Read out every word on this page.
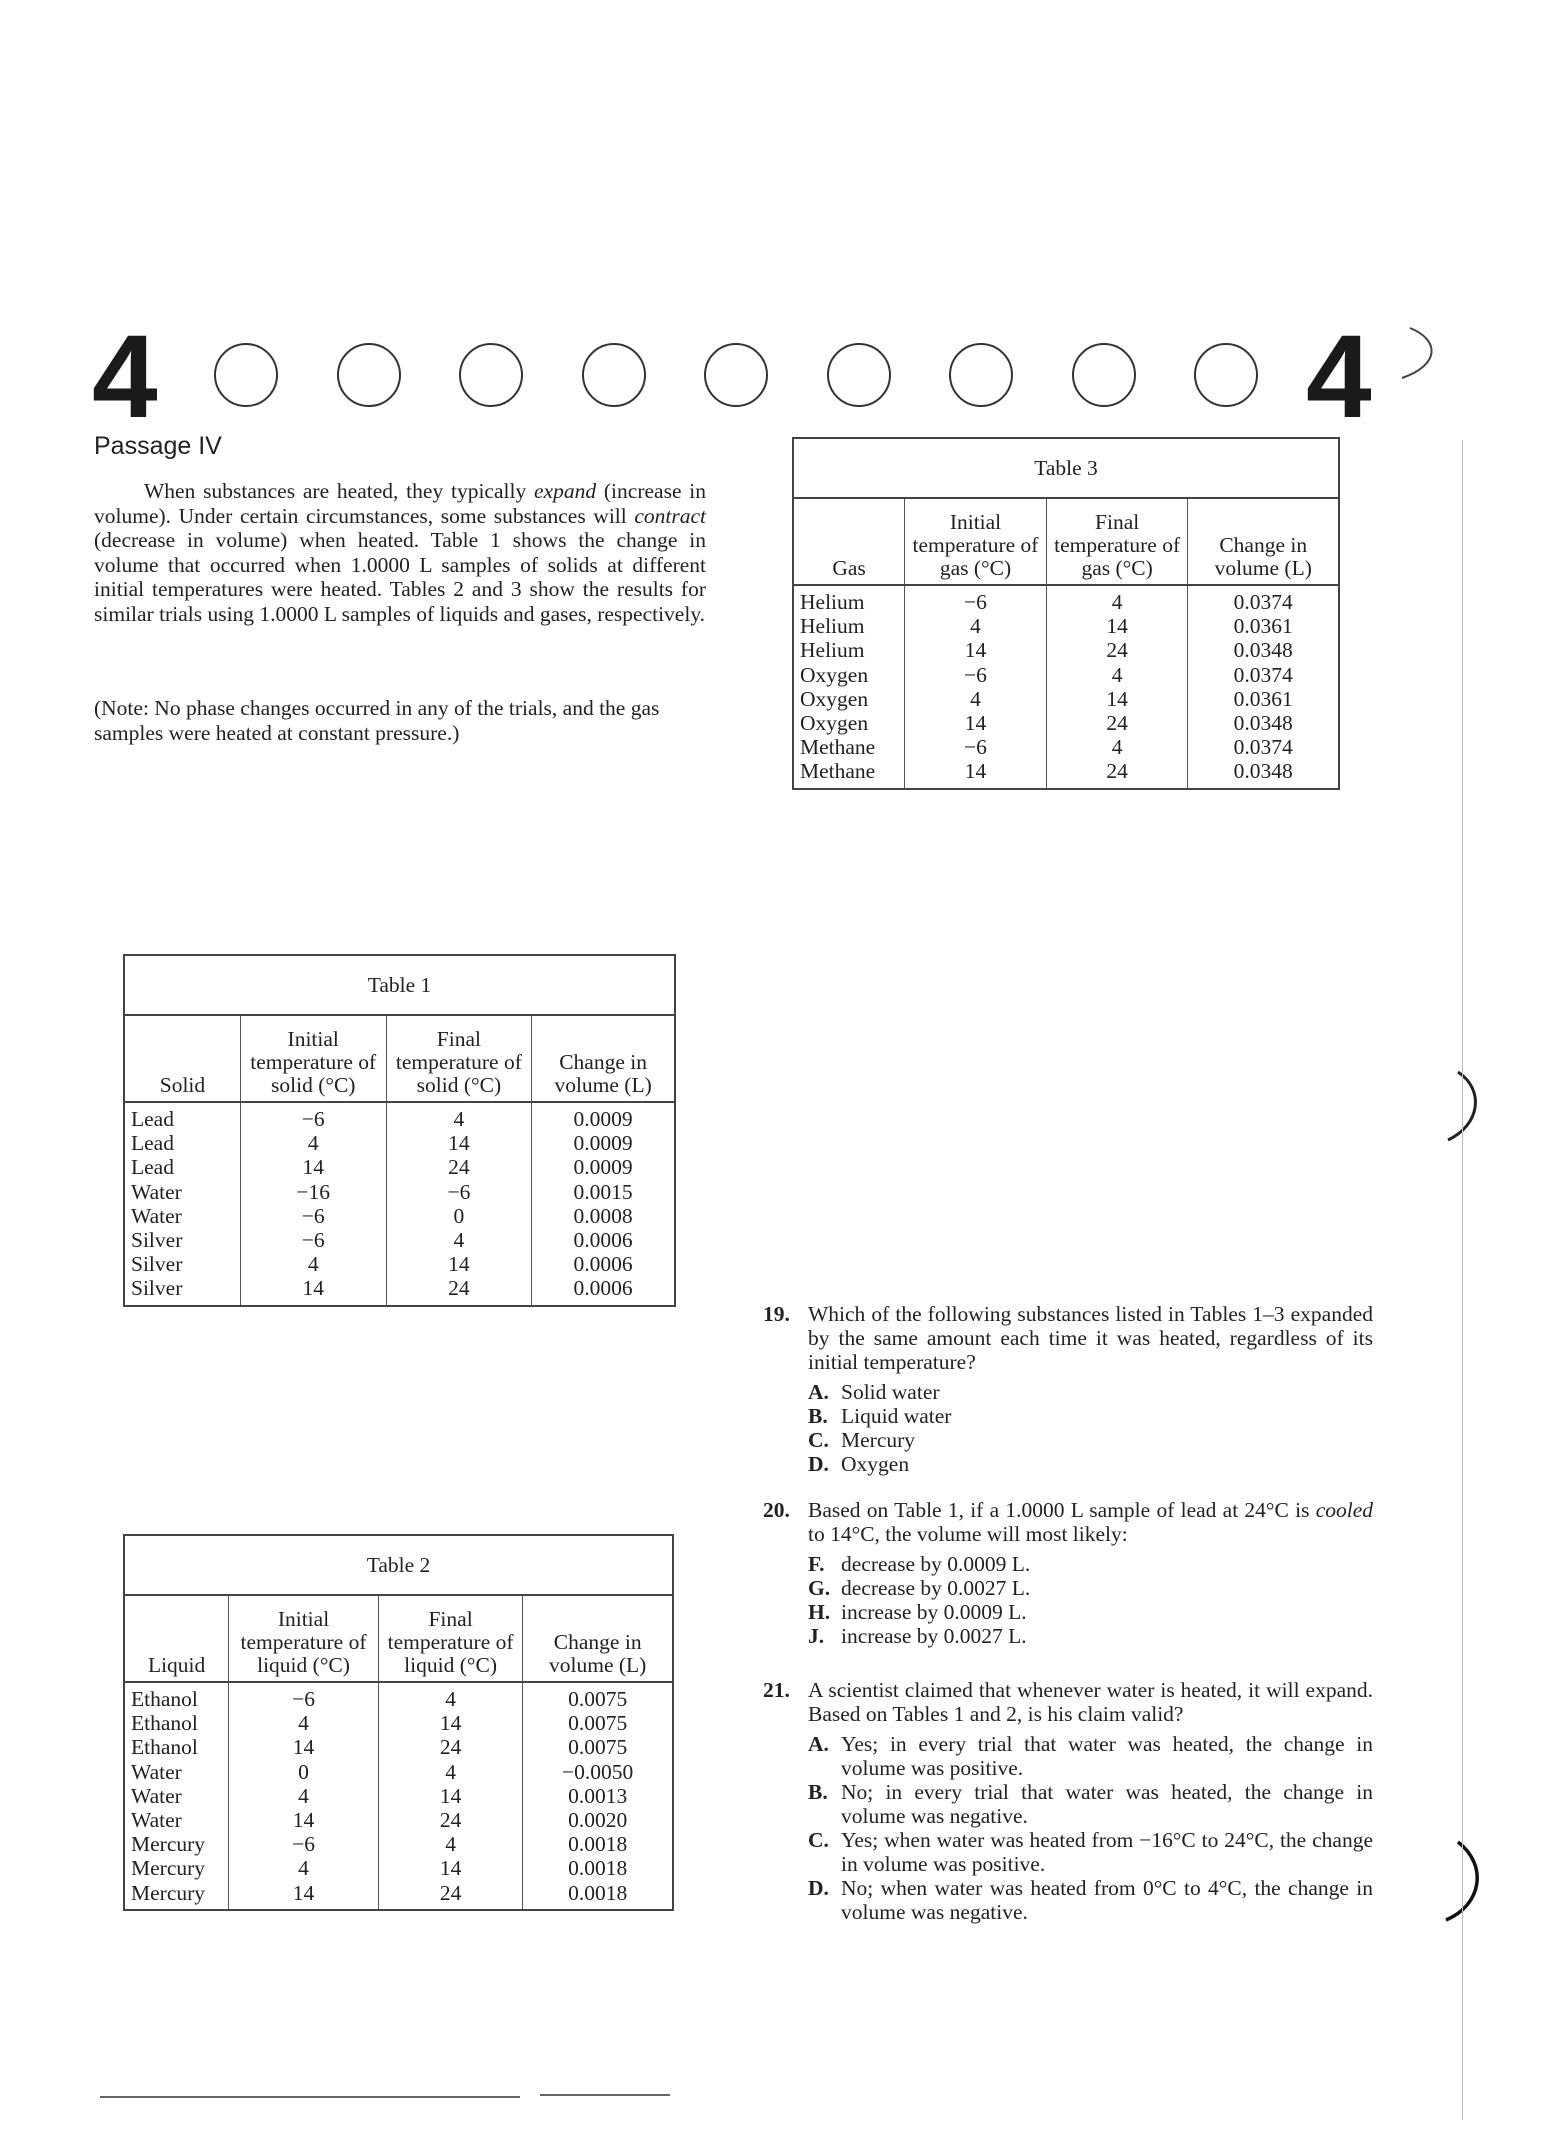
4	4
Passage IV
When substances are heated, they typically expand (increase in volume). Under certain circumstances, some substances will contract (decrease in volume) when heated. Table 1 shows the change in volume that occurred when 1.0000 L samples of solids at different initial temperatures were heated. Tables 2 and 3 show the results for similar trials using 1.0000 L samples of liquids and gases, respectively.
(Note: No phase changes occurred in any of the trials, and the gas samples were heated at constant pressure.)
Table 3			
Gas	Initial temperature of gas (°C)	Final temperature of gas (°C)	Change in volume (L)
Helium	−6	4	0.0374
Helium	4	14	0.0361
Helium	14	24	0.0348
Oxygen	−6	4	0.0374
Oxygen	4	14	0.0361
Oxygen	14	24	0.0348
Methane	−6	4	0.0374
Methane	14	24	0.0348
Table 1			
Solid	Initial temperature of solid (°C)	Final temperature of solid (°C)	Change in volume (L)
Lead	−6	4	0.0009
Lead	4	14	0.0009
Lead	14	24	0.0009
Water	−16	−6	0.0015
Water	−6	0	0.0008
Silver	−6	4	0.0006
Silver	4	14	0.0006
Silver	14	24	0.0006
Table 2			
Liquid	Initial temperature of liquid (°C)	Final temperature of liquid (°C)	Change in volume (L)
Ethanol	−6	4	0.0075
Ethanol	4	14	0.0075
Ethanol	14	24	0.0075
Water	0	4	−0.0050
Water	4	14	0.0013
Water	14	24	0.0020
Mercury	−6	4	0.0018
Mercury	4	14	0.0018
Mercury	14	24	0.0018
19. Which of the following substances listed in Tables 1–3 expanded by the same amount each time it was heated, regardless of its initial temperature?
A. Solid water
B. Liquid water
C. Mercury
D. Oxygen
20. Based on Table 1, if a 1.0000 L sample of lead at 24°C is cooled to 14°C, the volume will most likely:
F. decrease by 0.0009 L.
G. decrease by 0.0027 L.
H. increase by 0.0009 L.
J. increase by 0.0027 L.
21. A scientist claimed that whenever water is heated, it will expand. Based on Tables 1 and 2, is his claim valid?
A. Yes; in every trial that water was heated, the change in volume was positive.
B. No; in every trial that water was heated, the change in volume was negative.
C. Yes; when water was heated from −16°C to 24°C, the change in volume was positive.
D. No; when water was heated from 0°C to 4°C, the change in volume was negative.
